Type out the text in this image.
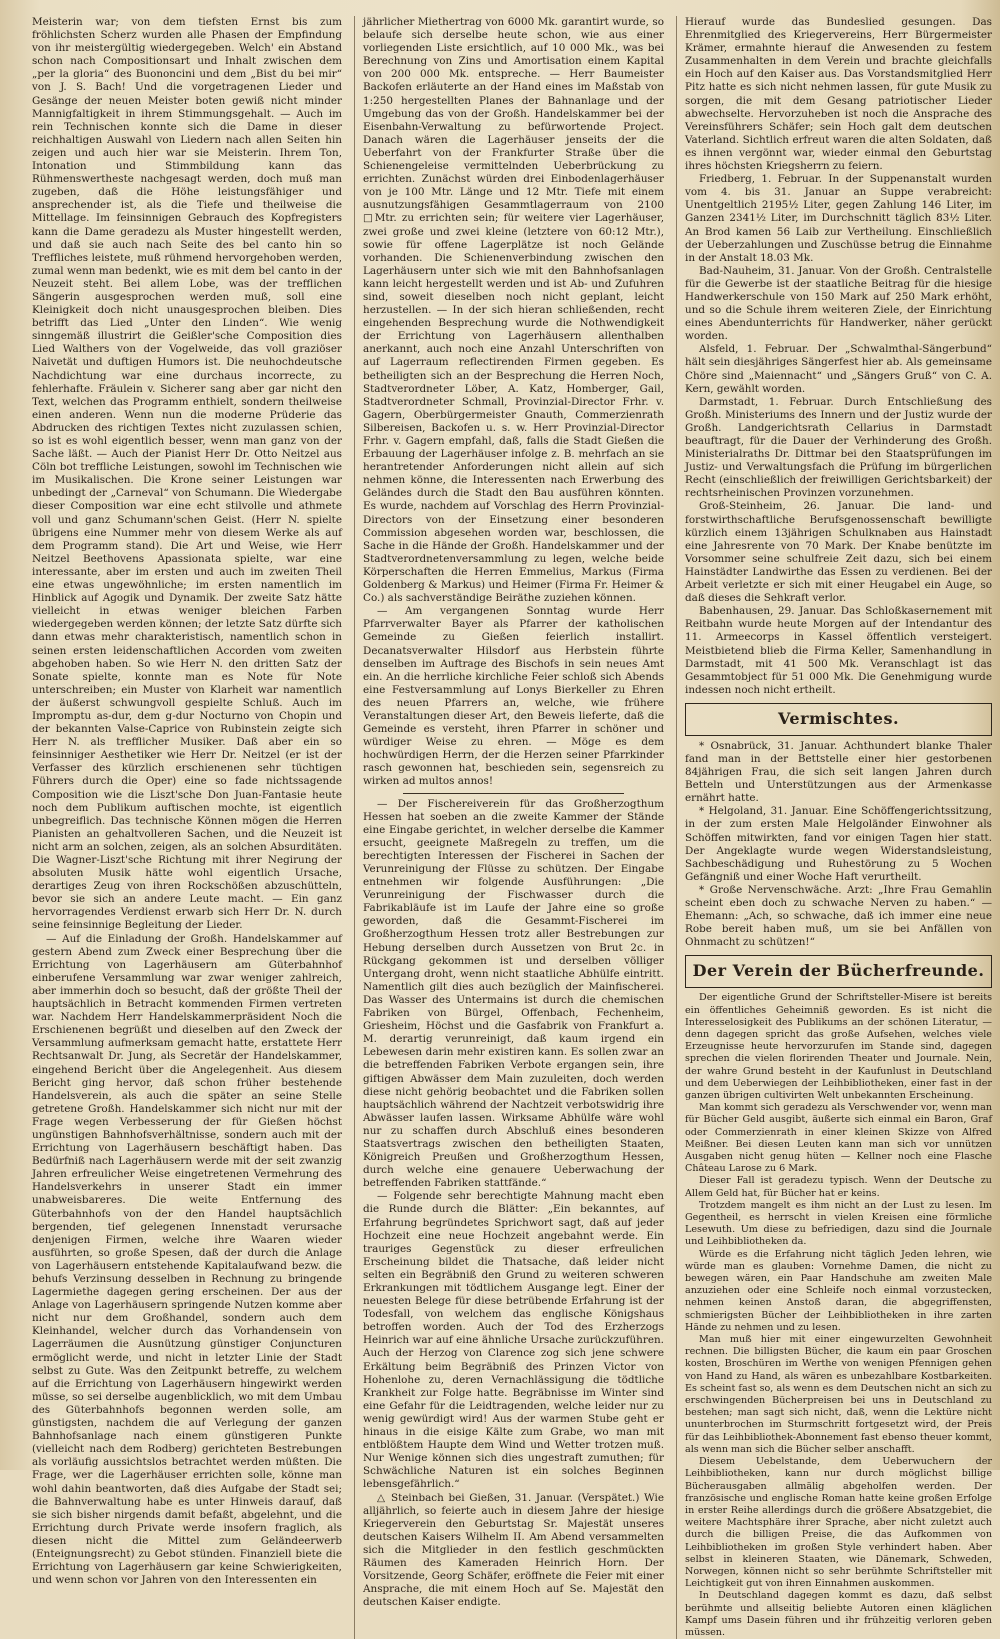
Meisterin war; von dem tiefsten Ernst bis zum fröhlichsten Scherz wurden alle Phasen der Empfindung von ihr meistergültig wiedergegeben. Welch' ein Abstand schon nach Compositionsart und Inhalt zwischen dem „per la gloria“ des Buononcini und dem „Bist du bei mir“ von J. S. Bach! Und die vorgetragenen Lieder und Gesänge der neuen Meister boten gewiß nicht minder Mannigfaltigkeit in ihrem Stimmungsgehalt. — Auch im rein Technischen konnte sich die Dame in dieser reichhaltigen Auswahl von Liedern nach allen Seiten hin zeigen und auch hier war sie Meisterin. Ihrem Ton, Intonation und Stimmbildung kann das Rühmenswertheste nachgesagt werden, doch muß man zugeben, daß die Höhe leistungsfähiger und ansprechender ist, als die Tiefe und theilweise die Mittellage. Im feinsinnigen Gebrauch des Kopfregisters kann die Dame geradezu als Muster hingestellt werden, und daß sie auch nach Seite des bel canto hin so Treffliches leistete, muß rühmend hervorgehoben werden, zumal wenn man bedenkt, wie es mit dem bel canto in der Neuzeit steht. Bei allem Lobe, was der trefflichen Sängerin ausgesprochen werden muß, soll eine Kleinigkeit doch nicht unausgesprochen bleiben. Dies betrifft das Lied „Unter den Linden“. Wie wenig sinngemäß illustrirt die Geißler'sche Composition dies Lied Walthers von der Vogelweide, das voll graziöser Naivetät und duftigen Humors ist. Die neuhochdeutsche Nachdichtung war eine durchaus incorrecte, zu fehlerhafte. Fräulein v. Sicherer sang aber gar nicht den Text, welchen das Programm enthielt, sondern theilweise einen anderen. Wenn nun die moderne Prüderie das Abdrucken des richtigen Textes nicht zuzulassen schien, so ist es wohl eigentlich besser, wenn man ganz von der Sache läßt. — Auch der Pianist Herr Dr. Otto Neitzel aus Cöln bot treffliche Leistungen, sowohl im Technischen wie im Musikalischen. Die Krone seiner Leistungen war unbedingt der „Carneval“ von Schumann. Die Wiedergabe dieser Composition war eine echt stilvolle und athmete voll und ganz Schumann'schen Geist. (Herr N. spielte übrigens eine Nummer mehr von diesem Werke als auf dem Programm stand). Die Art und Weise, wie Herr Neitzel Beethovens Apassionata spielte, war eine interessante, aber im ersten und auch im zweiten Theil eine etwas ungewöhnliche; im ersten namentlich im Hinblick auf Agogik und Dynamik. Der zweite Satz hätte vielleicht in etwas weniger bleichen Farben wiedergegeben werden können; der letzte Satz dürfte sich dann etwas mehr charakteristisch, namentlich schon in seinen ersten leidenschaftlichen Accorden vom zweiten abgehoben haben. So wie Herr N. den dritten Satz der Sonate spielte, konnte man es Note für Note unterschreiben; ein Muster von Klarheit war namentlich der äußerst schwungvoll gespielte Schluß. Auch im Impromptu as-dur, dem g-dur Nocturno von Chopin und der bekannten Valse-Caprice von Rubinstein zeigte sich Herr N. als trefflicher Musiker. Daß aber ein so feinsinniger Aesthetiker wie Herr Dr. Neitzel (er ist der Verfasser des kürzlich erschienenen sehr tüchtigen Führers durch die Oper) eine so fade nichtssagende Composition wie die Liszt'sche Don Juan-Fantasie heute noch dem Publikum auftischen mochte, ist eigentlich unbegreiflich. Das technische Können mögen die Herren Pianisten an gehaltvolleren Sachen, und die Neuzeit ist nicht arm an solchen, zeigen, als an solchen Absurditäten. Die Wagner-Liszt'sche Richtung mit ihrer Negirung der absoluten Musik hätte wohl eigentlich Ursache, derartiges Zeug von ihren Rockschößen abzuschütteln, bevor sie sich an andere Leute macht. — Ein ganz hervorragendes Verdienst erwarb sich Herr Dr. N. durch seine feinsinnige Begleitung der Lieder.

— Auf die Einladung der Großh. Handelskammer auf gestern Abend zum Zweck einer Besprechung über die Errichtung von Lagerhäusern am Güterbahnhof einberufene Versammlung war zwar weniger zahlreich, aber immerhin doch so besucht, daß der größte Theil der hauptsächlich in Betracht kommenden Firmen vertreten war. Nachdem Herr Handelskammerpräsident Noch die Erschienenen begrüßt und dieselben auf den Zweck der Versammlung aufmerksam gemacht hatte, erstattete Herr Rechtsanwalt Dr. Jung, als Secretär der Handelskammer, eingehend Bericht über die Angelegenheit. Aus diesem Bericht ging hervor, daß schon früher bestehende Handelsverein, als auch die später an seine Stelle getretene Großh. Handelskammer sich nicht nur mit der Frage wegen Verbesserung der für Gießen höchst ungünstigen Bahnhofsverhältnisse, sondern auch mit der Errichtung von Lagerhäusern beschäftigt haben. Das Bedürfniß nach Lagerhäusern werde mit der seit zwanzig Jahren erfreulicher Weise eingetretenen Vermehrung des Handelsverkehrs in unserer Stadt ein immer unabweisbareres. Die weite Entfernung des Güterbahnhofs von der den Handel hauptsächlich bergenden, tief gelegenen Innenstadt verursache denjenigen Firmen, welche ihre Waaren wieder ausführten, so große Spesen, daß der durch die Anlage von Lagerhäusern entstehende Kapitalaufwand bezw. die behufs Verzinsung desselben in Rechnung zu bringende Lagermiethe dagegen gering erscheinen. Der aus der Anlage von Lagerhäusern springende Nutzen komme aber nicht nur dem Großhandel, sondern auch dem Kleinhandel, welcher durch das Vorhandensein von Lagerräumen die Ausnützung günstiger Conjuncturen ermöglicht werde, und nicht in letzter Linie der Stadt selbst zu Gute. Was den Zeitpunkt betreffe, zu welchem auf die Errichtung von Lagerhäusern hingewirkt werden müsse, so sei derselbe augenblicklich, wo mit dem Umbau des Güterbahnhofs begonnen werden solle, am günstigsten, nachdem die auf Verlegung der ganzen Bahnhofsanlage nach einem günstigeren Punkte (vielleicht nach dem Rodberg) gerichteten Bestrebungen als vorläufig aussichtslos betrachtet werden müßten. Die Frage, wer die Lagerhäuser errichten solle, könne man wohl dahin beantworten, daß dies Aufgabe der Stadt sei; die Bahnverwaltung habe es unter Hinweis darauf, daß sie sich bisher nirgends damit befaßt, abgelehnt, und die Errichtung durch Private werde insofern fraglich, als diesen nicht die Mittel zum Geländeerwerb (Enteignungsrecht) zu Gebot stünden. Finanziell biete die Errichtung von Lagerhäusern gar keine Schwierigkeiten, und wenn schon vor Jahren von den Interessenten ein

jährlicher Miethertrag von 6000 Mk. garantirt wurde, so belaufe sich derselbe heute schon, wie aus einer vorliegenden Liste ersichtlich, auf 10 000 Mk., was bei Berechnung von Zins und Amortisation einem Kapital von 200 000 Mk. entspreche. — Herr Baumeister Backofen erläuterte an der Hand eines im Maßstab von 1:250 hergestellten Planes der Bahnanlage und der Umgebung das von der Großh. Handelskammer bei der Eisenbahn-Verwaltung zu befürwortende Project. Danach wären die Lagerhäuser jenseits der die Ueberfahrt von der Frankfurter Straße über die Schienengeleise vermittelnden Ueberbrückung zu errichten. Zunächst würden drei Einbodenlagerhäuser von je 100 Mtr. Länge und 12 Mtr. Tiefe mit einem ausnutzungsfähigen Gesammtlagerraum von 2100 □Mtr. zu errichten sein; für weitere vier Lagerhäuser, zwei große und zwei kleine (letztere von 60:12 Mtr.), sowie für offene Lagerplätze ist noch Gelände vorhanden. Die Schienenverbindung zwischen den Lagerhäusern unter sich wie mit den Bahnhofsanlagen kann leicht hergestellt werden und ist Ab- und Zufuhren sind, soweit dieselben noch nicht geplant, leicht herzustellen. — In der sich hieran schließenden, recht eingehenden Besprechung wurde die Nothwendigkeit der Errichtung von Lagerhäusern allenthalben anerkannt, auch noch eine Anzahl Unterschriften von auf Lagerraum reflectirenden Firmen gegeben. Es betheiligten sich an der Besprechung die Herren Noch, Stadtverordneter Löber, A. Katz, Homberger, Gail, Stadtverordneter Schmall, Provinzial-Director Frhr. v. Gagern, Oberbürgermeister Gnauth, Commerzienrath Silbereisen, Backofen u. s. w. Herr Provinzial-Director Frhr. v. Gagern empfahl, daß, falls die Stadt Gießen die Erbauung der Lagerhäuser infolge z. B. mehrfach an sie herantretender Anforderungen nicht allein auf sich nehmen könne, die Interessenten nach Erwerbung des Geländes durch die Stadt den Bau ausführen könnten. Es wurde, nachdem auf Vorschlag des Herrn Provinzial-Directors von der Einsetzung einer besonderen Commission abgesehen worden war, beschlossen, die Sache in die Hände der Großh. Handelskammer und der Stadtverordnetenversammlung zu legen, welche beide Körperschaften die Herren Emmelius, Markus (Firma Goldenberg & Markus) und Heimer (Firma Fr. Heimer & Co.) als sachverständige Beiräthe zuziehen können.

— Am vergangenen Sonntag wurde Herr Pfarrverwalter Bayer als Pfarrer der katholischen Gemeinde zu Gießen feierlich installirt. Decanatsverwalter Hilsdorf aus Herbstein führte denselben im Auftrage des Bischofs in sein neues Amt ein. An die herrliche kirchliche Feier schloß sich Abends eine Festversammlung auf Lonys Bierkeller zu Ehren des neuen Pfarrers an, welche, wie frühere Veranstaltungen dieser Art, den Beweis lieferte, daß die Gemeinde es versteht, ihren Pfarrer in schöner und würdiger Weise zu ehren. — Möge es dem hochwürdigen Herrn, der die Herzen seiner Pfarrkinder rasch gewonnen hat, beschieden sein, segensreich zu wirken ad multos annos!

— Der Fischereiverein für das Großherzogthum Hessen hat soeben an die zweite Kammer der Stände eine Eingabe gerichtet, in welcher derselbe die Kammer ersucht, geeignete Maßregeln zu treffen, um die berechtigten Interessen der Fischerei in Sachen der Verunreinigung der Flüsse zu schützen. Der Eingabe entnehmen wir folgende Ausführungen: „Die Verunreinigung der Fischwasser durch die Fabrikabläufe ist im Laufe der Jahre eine so große geworden, daß die Gesammt-Fischerei im Großherzogthum Hessen trotz aller Bestrebungen zur Hebung derselben durch Aussetzen von Brut 2c. in Rückgang gekommen ist und derselben völliger Untergang droht, wenn nicht staatliche Abhülfe eintritt. Namentlich gilt dies auch bezüglich der Mainfischerei. Das Wasser des Untermains ist durch die chemischen Fabriken von Bürgel, Offenbach, Fechenheim, Griesheim, Höchst und die Gasfabrik von Frankfurt a. M. derartig verunreinigt, daß kaum irgend ein Lebewesen darin mehr existiren kann. Es sollen zwar an die betreffenden Fabriken Verbote ergangen sein, ihre giftigen Abwässer dem Main zuzuleiten, doch werden diese nicht gehörig beobachtet und die Fabriken sollen hauptsächlich während der Nachtzeit verbotswidrig ihre Abwässer laufen lassen. Wirksame Abhülfe wäre wohl nur zu schaffen durch Abschluß eines besonderen Staatsvertrags zwischen den betheiligten Staaten, Königreich Preußen und Großherzogthum Hessen, durch welche eine genauere Ueberwachung der betreffenden Fabriken stattfände.“

— Folgende sehr berechtigte Mahnung macht eben die Runde durch die Blätter: „Ein bekanntes, auf Erfahrung begründetes Sprichwort sagt, daß auf jeder Hochzeit eine neue Hochzeit angebahnt werde. Ein trauriges Gegenstück zu dieser erfreulichen Erscheinung bildet die Thatsache, daß leider nicht selten ein Begräbniß den Grund zu weiteren schweren Erkrankungen mit tödtlichem Ausgange legt. Einer der neuesten Belege für diese betrübende Erfahrung ist der Todesfall, von welchem das englische Königshaus betroffen worden. Auch der Tod des Erzherzogs Heinrich war auf eine ähnliche Ursache zurückzuführen. Auch der Herzog von Clarence zog sich jene schwere Erkältung beim Begräbniß des Prinzen Victor von Hohenlohe zu, deren Vernachlässigung die tödtliche Krankheit zur Folge hatte. Begräbnisse im Winter sind eine Gefahr für die Leidtragenden, welche leider nur zu wenig gewürdigt wird! Aus der warmen Stube geht er hinaus in die eisige Kälte zum Grabe, wo man mit entblößtem Haupte dem Wind und Wetter trotzen muß. Nur Wenige können sich dies ungestraft zumuthen; für Schwächliche Naturen ist ein solches Beginnen lebensgefährlich.“

△ Steinbach bei Gießen, 31. Januar. (Verspätet.) Wie alljährlich, so feierte auch in diesem Jahre der hiesige Kriegerverein den Geburtstag Sr. Majestät unseres deutschen Kaisers Wilhelm II. Am Abend versammelten sich die Mitglieder in den festlich geschmückten Räumen des Kameraden Heinrich Horn. Der Vorsitzende, Georg Schäfer, eröffnete die Feier mit einer Ansprache, die mit einem Hoch auf Se. Majestät den deutschen Kaiser endigte.

Hierauf wurde das Bundeslied gesungen. Das Ehrenmitglied des Kriegervereins, Herr Bürgermeister Krämer, ermahnte hierauf die Anwesenden zu festem Zusammenhalten in dem Verein und brachte gleichfalls ein Hoch auf den Kaiser aus. Das Vorstandsmitglied Herr Pitz hatte es sich nicht nehmen lassen, für gute Musik zu sorgen, die mit dem Gesang patriotischer Lieder abwechselte. Hervorzuheben ist noch die Ansprache des Vereinsführers Schäfer; sein Hoch galt dem deutschen Vaterland. Sichtlich erfreut waren die alten Soldaten, daß es ihnen vergönnt war, wieder einmal den Geburtstag ihres höchsten Kriegsherrn zu feiern.

Friedberg, 1. Februar. In der Suppenanstalt wurden vom 4. bis 31. Januar an Suppe verabreicht: Unentgeltlich 2195½ Liter, gegen Zahlung 146 Liter, im Ganzen 2341½ Liter, im Durchschnitt täglich 83½ Liter. An Brod kamen 56 Laib zur Vertheilung. Einschließlich der Ueberzahlungen und Zuschüsse betrug die Einnahme in der Anstalt 18.03 Mk.

Bad-Nauheim, 31. Januar. Von der Großh. Centralstelle für die Gewerbe ist der staatliche Beitrag für die hiesige Handwerkerschule von 150 Mark auf 250 Mark erhöht, und so die Schule ihrem weiteren Ziele, der Einrichtung eines Abendunterrichts für Handwerker, näher gerückt worden.

Alsfeld, 1. Februar. Der „Schwalmthal-Sängerbund“ hält sein diesjähriges Sängerfest hier ab. Als gemeinsame Chöre sind „Maiennacht“ und „Sängers Gruß“ von C. A. Kern, gewählt worden.

Darmstadt, 1. Februar. Durch Entschließung des Großh. Ministeriums des Innern und der Justiz wurde der Großh. Landgerichtsrath Cellarius in Darmstadt beauftragt, für die Dauer der Verhinderung des Großh. Ministerialraths Dr. Dittmar bei den Staatsprüfungen im Justiz- und Verwaltungsfach die Prüfung im bürgerlichen Recht (einschließlich der freiwilligen Gerichtsbarkeit) der rechtsrheinischen Provinzen vorzunehmen.

Groß-Steinheim, 26. Januar. Die land- und forstwirthschaftliche Berufsgenossenschaft bewilligte kürzlich einem 13jährigen Schulknaben aus Hainstadt eine Jahresrente von 70 Mark. Der Knabe benützte im Vorsommer seine schulfreie Zeit dazu, sich bei einem Hainstädter Landwirthe das Essen zu verdienen. Bei der Arbeit verletzte er sich mit einer Heugabel ein Auge, so daß dieses die Sehkraft verlor.

Babenhausen, 29. Januar. Das Schloßkasernement mit Reitbahn wurde heute Morgen auf der Intendantur des 11. Armeecorps in Kassel öffentlich versteigert. Meistbietend blieb die Firma Keller, Samenhandlung in Darmstadt, mit 41 500 Mk. Veranschlagt ist das Gesammtobject für 51 000 Mk. Die Genehmigung wurde indessen noch nicht ertheilt.

Vermischtes.

* Osnabrück, 31. Januar. Achthundert blanke Thaler fand man in der Bettstelle einer hier gestorbenen 84jährigen Frau, die sich seit langen Jahren durch Betteln und Unterstützungen aus der Armenkasse ernährt hatte.

* Helgoland, 31. Januar. Eine Schöffengerichtssitzung, in der zum ersten Male Helgoländer Einwohner als Schöffen mitwirkten, fand vor einigen Tagen hier statt. Der Angeklagte wurde wegen Widerstandsleistung, Sachbeschädigung und Ruhestörung zu 5 Wochen Gefängniß und einer Woche Haft verurtheilt.

* Große Nervenschwäche. Arzt: „Ihre Frau Gemahlin scheint eben doch zu schwache Nerven zu haben.“ — Ehemann: „Ach, so schwache, daß ich immer eine neue Robe bereit haben muß, um sie bei Anfällen von Ohnmacht zu schützen!“

Der Verein der Bücherfreunde.

Der eigentliche Grund der Schriftsteller-Misere ist bereits ein öffentliches Geheimniß geworden. Es ist nicht die Interesselosigkeit des Publikums an der schönen Literatur, — denn dagegen spricht das große Aufsehen, welches viele Erzeugnisse heute hervorzurufen im Stande sind, dagegen sprechen die vielen florirenden Theater und Journale. Nein, der wahre Grund besteht in der Kaufunlust in Deutschland und dem Ueberwiegen der Leihbibliotheken, einer fast in der ganzen übrigen cultivirten Welt unbekannten Erscheinung.

Man kommt sich geradezu als Verschwender vor, wenn man für Bücher Geld ausgibt, äußerte sich einmal ein Baron, Graf oder Commerzienrath in einer kleinen Skizze von Alfred Meißner. Bei diesen Leuten kann man sich vor unnützen Ausgaben nicht genug hüten — Kellner noch eine Flasche Château Larose zu 6 Mark.

Dieser Fall ist geradezu typisch. Wenn der Deutsche zu Allem Geld hat, für Bücher hat er keins.

Trotzdem mangelt es ihm nicht an der Lust zu lesen. Im Gegentheil, es herrscht in vielen Kreisen eine förmliche Lesewuth. Um diese zu befriedigen, dazu sind die Journale und Leihbibliotheken da.

Würde es die Erfahrung nicht täglich Jeden lehren, wie würde man es glauben: Vornehme Damen, die nicht zu bewegen wären, ein Paar Handschuhe am zweiten Male anzuziehen oder eine Schleife noch einmal vorzustecken, nehmen keinen Anstoß daran, die abgegriffensten, schmierigsten Bücher der Leihbibliotheken in ihre zarten Hände zu nehmen und zu lesen.

Man muß hier mit einer eingewurzelten Gewohnheit rechnen. Die billigsten Bücher, die kaum ein paar Groschen kosten, Broschüren im Werthe von wenigen Pfennigen gehen von Hand zu Hand, als wären es unbezahlbare Kostbarkeiten. Es scheint fast so, als wenn es dem Deutschen nicht an sich zu erschwingenden Bücherpreisen bei uns in Deutschland zu bestehen; man sagt sich nicht, daß, wenn die Lektüre nicht ununterbrochen im Sturmschritt fortgesetzt wird, der Preis für das Leihbibliothek-Abonnement fast ebenso theuer kommt, als wenn man sich die Bücher selber anschafft.

Diesem Uebelstande, dem Ueberwuchern der Leihbibliotheken, kann nur durch möglichst billige Bücherausgaben allmälig abgeholfen werden. Der französische und englische Roman hatte keine großen Erfolge in erster Reihe allerdings durch die größere Absatzgebiet, die weitere Machtsphäre ihrer Sprache, aber nicht zuletzt auch durch die billigen Preise, die das Aufkommen von Leihbibliotheken im großen Style verhindert haben. Aber selbst in kleineren Staaten, wie Dänemark, Schweden, Norwegen, können nicht so sehr berühmte Schriftsteller mit Leichtigkeit gut von ihren Einnahmen auskommen.

In Deutschland dagegen kommt es dazu, daß selbst berühmte und allseitig beliebte Autoren einen kläglichen Kampf ums Dasein führen und ihr frühzeitig verloren geben müssen.
